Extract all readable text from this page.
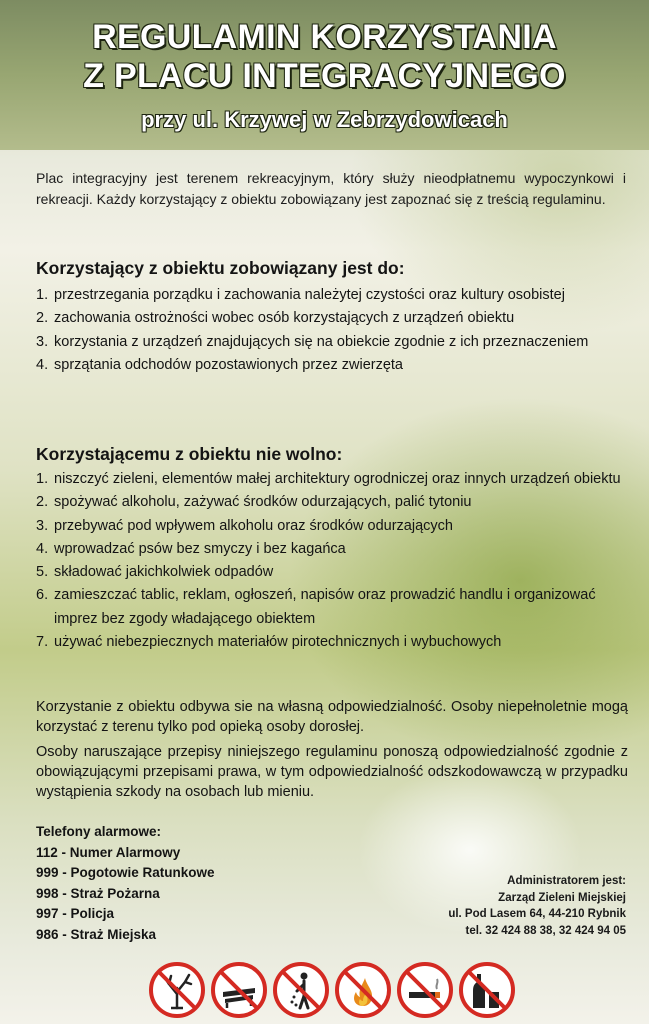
REGULAMIN KORZYSTANIA
Z PLACU INTEGRACYJNEGO
przy ul. Krzywej w Zebrzydowicach

Plac integracyjny jest terenem rekreacyjnym, który służy nieodpłatnemu wypoczynkowi i rekreacji. Każdy korzystający z obiektu zobowiązany jest zapoznać się z treścią regulaminu.

Korzystający z obiektu zobowiązany jest do:
1. przestrzegania porządku i zachowania należytej czystości oraz kultury osobistej
2. zachowania ostrożności wobec osób korzystających z urządzeń obiektu
3. korzystania z urządzeń znajdujących się na obiekcie zgodnie z ich przeznaczeniem
4. sprzątania odchodów pozostawionych przez zwierzęta
Korzystającemu z obiektu nie wolno:
1. niszczyć zieleni, elementów małej architektury ogrodniczej oraz innych urządzeń obiektu
2. spożywać alkoholu, zażywać środków odurzających, palić tytoniu
3. przebywać pod wpływem alkoholu oraz środków odurzających
4. wprowadzać psów bez smyczy i bez kagańca
5. składować jakichkolwiek odpadów
6. zamieszczać tablic, reklam, ogłoszeń, napisów oraz prowadzić handlu i organizować imprez bez zgody władającego obiektem
7. używać niebezpiecznych materiałów pirotechnicznych i wybuchowych

Korzystanie z obiektu odbywa sie na własną odpowiedzialność. Osoby niepełnoletnie mogą korzystać z terenu tylko pod opieką osoby dorosłej.

Osoby naruszające przepisy niniejszego regulaminu ponoszą odpowiedzialność zgodnie z obowiązującymi przepisami prawa, w tym odpowiedzialność odszkodowawczą w przypadku wystąpienia szkody na osobach lub mieniu.

Telefony alarmowe:
112 - Numer Alarmowy
999 - Pogotowie Ratunkowe
998 - Straż Pożarna
997 - Policja
986 - Straż Miejska
Administratorem jest:
Zarząd Zieleni Miejskiej
ul. Pod Lasem 64, 44-210 Rybnik
tel. 32 424 88 38, 32 424 94 05
